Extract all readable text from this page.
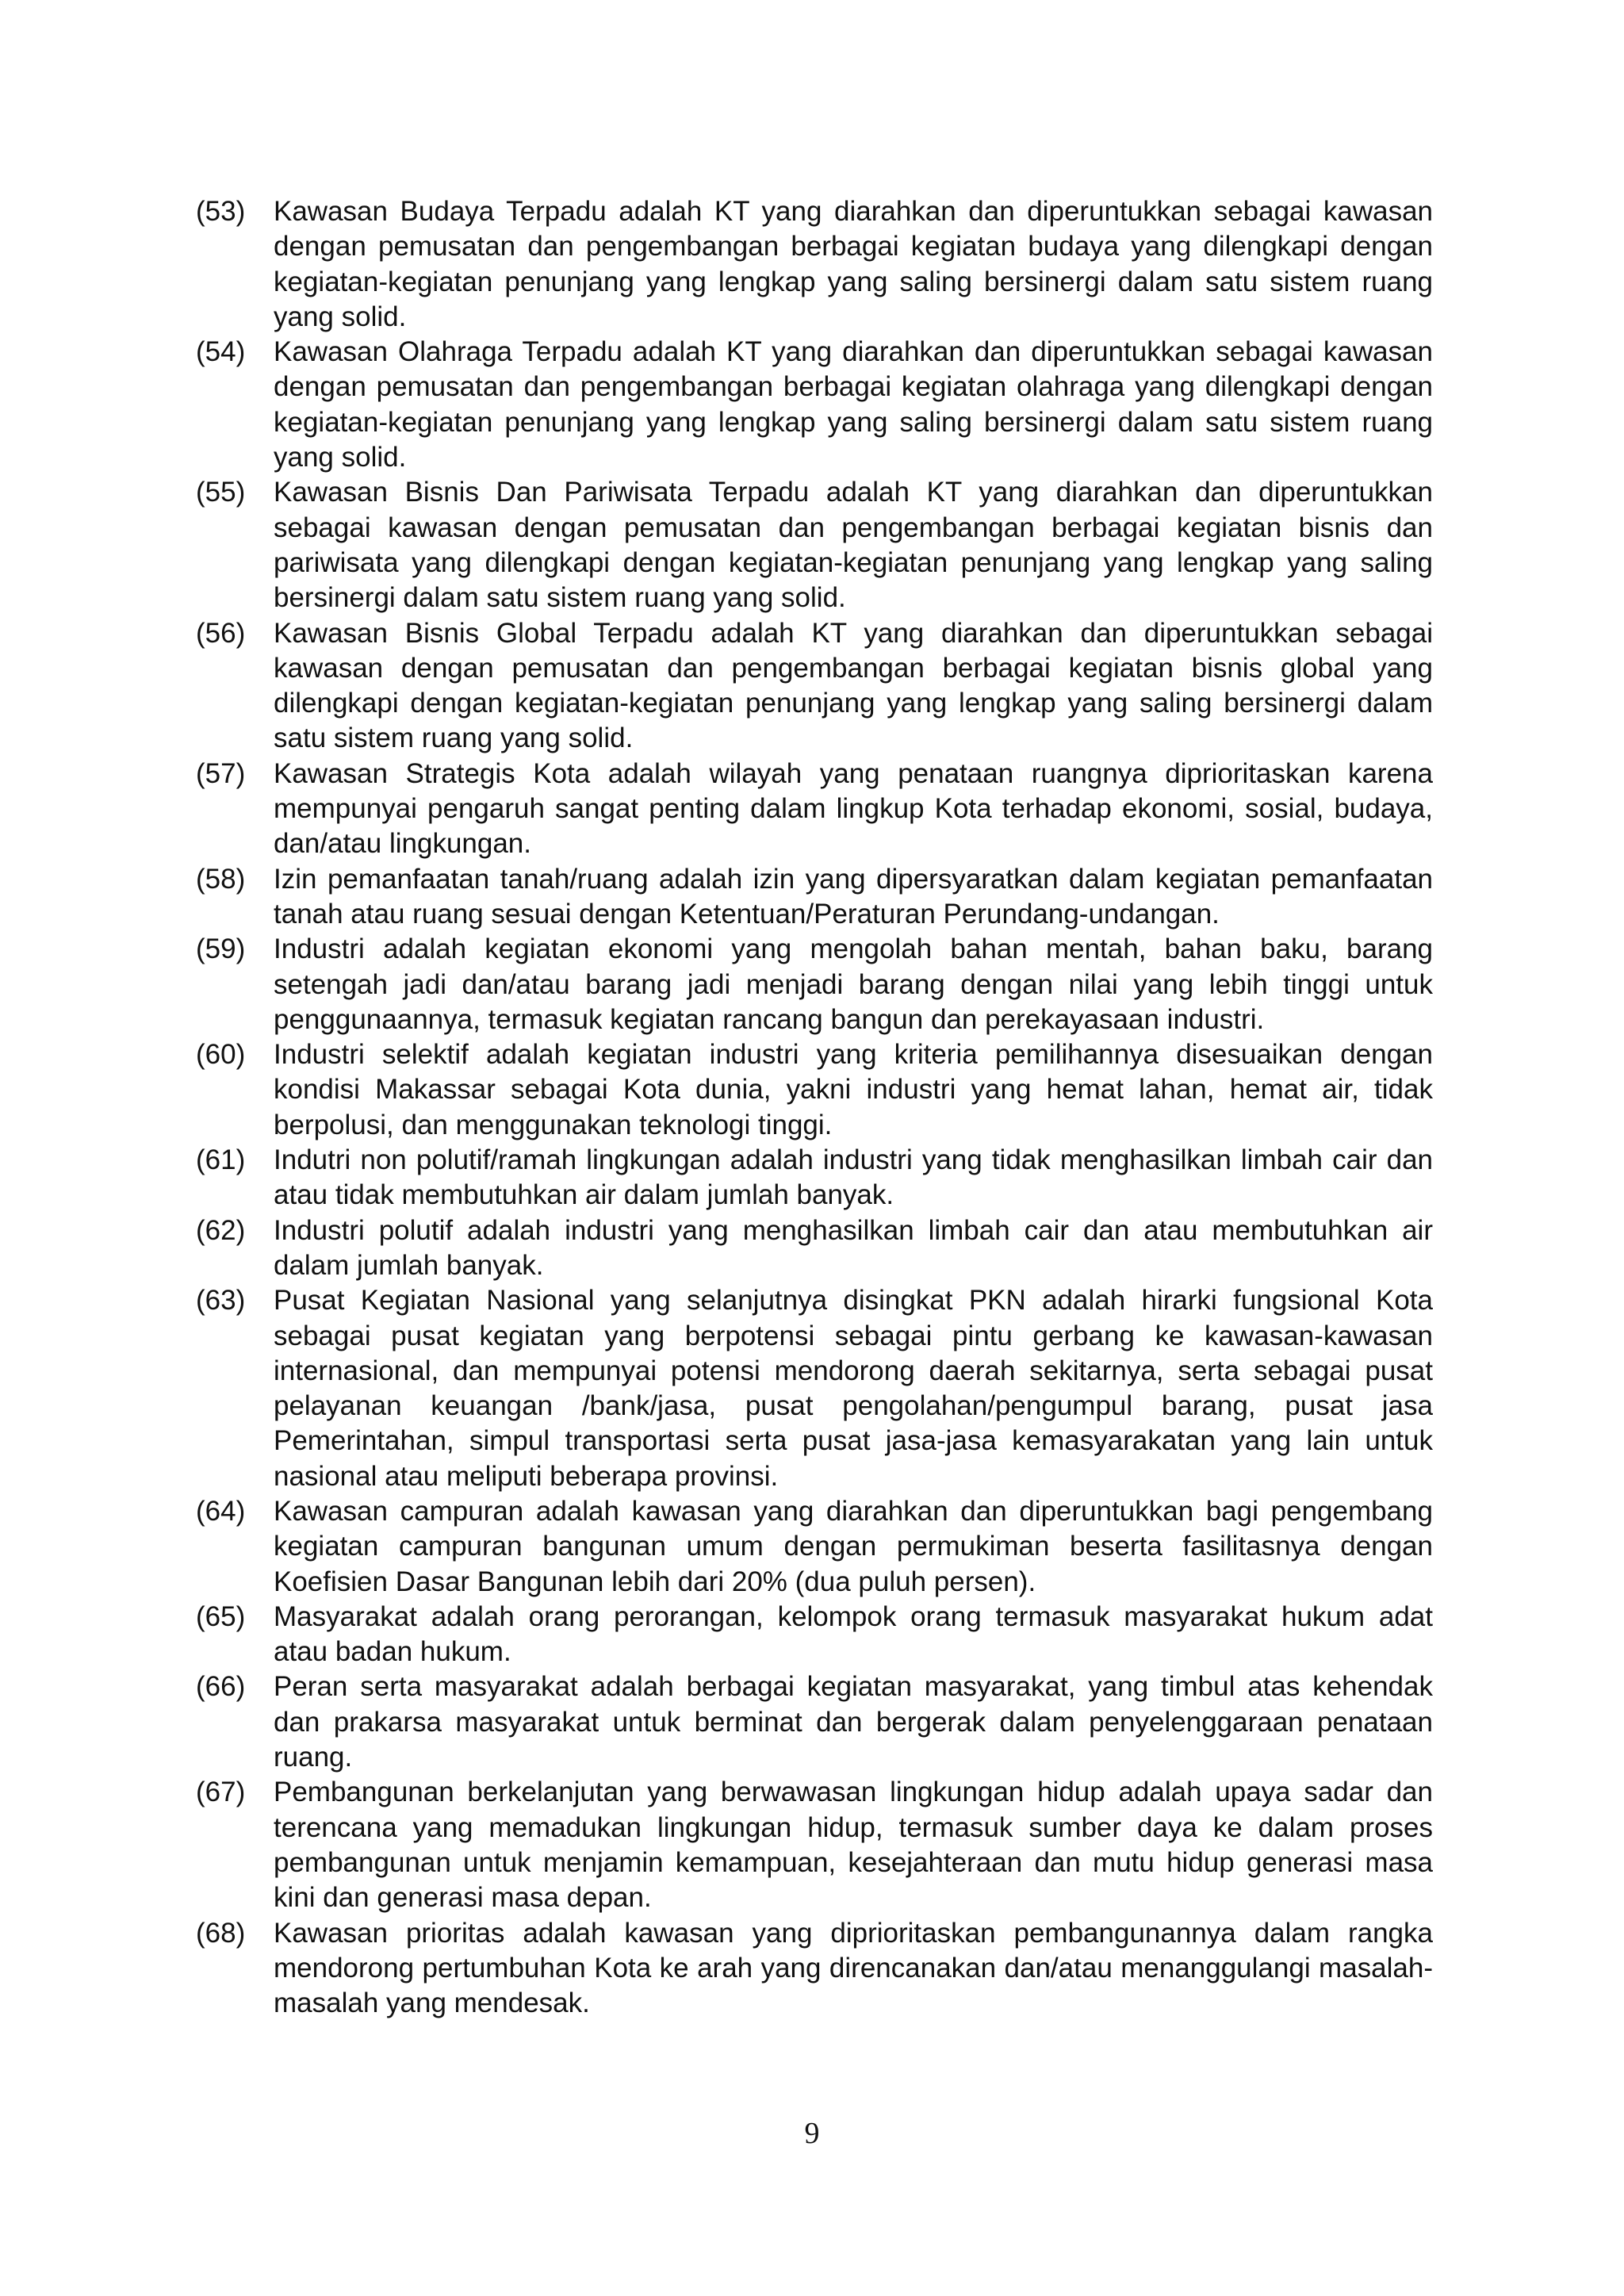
(53)	Kawasan Budaya Terpadu adalah KT yang diarahkan dan diperuntukkan sebagai kawasan dengan pemusatan dan pengembangan berbagai kegiatan budaya yang dilengkapi dengan kegiatan-kegiatan penunjang yang lengkap yang saling bersinergi dalam satu sistem ruang yang solid.
(54)	Kawasan Olahraga Terpadu adalah KT yang diarahkan dan diperuntukkan sebagai kawasan dengan pemusatan dan pengembangan berbagai kegiatan olahraga yang dilengkapi dengan kegiatan-kegiatan penunjang yang lengkap yang saling bersinergi dalam satu sistem ruang yang solid.
(55)	Kawasan Bisnis Dan Pariwisata Terpadu adalah KT yang diarahkan dan diperuntukkan sebagai kawasan dengan pemusatan dan pengembangan berbagai kegiatan bisnis dan pariwisata yang dilengkapi dengan kegiatan-kegiatan penunjang yang lengkap yang saling bersinergi dalam satu sistem ruang yang solid.
(56)	Kawasan Bisnis Global Terpadu adalah KT yang diarahkan dan diperuntukkan sebagai kawasan dengan pemusatan dan pengembangan berbagai kegiatan bisnis global yang dilengkapi dengan kegiatan-kegiatan penunjang yang lengkap yang saling bersinergi dalam satu sistem ruang yang solid.
(57)	Kawasan Strategis Kota adalah wilayah yang penataan ruangnya diprioritaskan karena mempunyai pengaruh sangat penting dalam lingkup Kota terhadap ekonomi, sosial, budaya, dan/atau lingkungan.
(58)	Izin pemanfaatan tanah/ruang adalah izin yang dipersyaratkan dalam kegiatan pemanfaatan tanah atau ruang sesuai dengan Ketentuan/Peraturan Perundang-undangan.
(59)	Industri adalah kegiatan ekonomi yang mengolah bahan mentah, bahan baku, barang setengah jadi dan/atau barang jadi menjadi barang dengan nilai yang lebih tinggi untuk penggunaannya, termasuk kegiatan rancang bangun dan perekayasaan industri.
(60)	Industri selektif adalah kegiatan industri yang kriteria pemilihannya disesuaikan dengan kondisi Makassar sebagai Kota dunia, yakni industri yang hemat lahan, hemat air, tidak berpolusi, dan menggunakan teknologi tinggi.
(61)	Indutri non polutif/ramah lingkungan adalah industri yang tidak menghasilkan limbah cair dan atau tidak membutuhkan air dalam jumlah banyak.
(62)	Industri polutif adalah industri yang menghasilkan limbah cair dan atau membutuhkan air dalam jumlah banyak.
(63)	Pusat Kegiatan Nasional yang selanjutnya disingkat PKN adalah hirarki fungsional Kota sebagai pusat kegiatan yang berpotensi sebagai pintu gerbang ke kawasan-kawasan internasional, dan mempunyai potensi mendorong daerah sekitarnya, serta sebagai pusat pelayanan keuangan /bank/jasa, pusat pengolahan/pengumpul barang, pusat jasa Pemerintahan, simpul transportasi serta pusat jasa-jasa kemasyarakatan yang lain untuk nasional atau meliputi beberapa provinsi.
(64)	Kawasan campuran adalah kawasan yang diarahkan dan diperuntukkan bagi pengembang kegiatan campuran bangunan umum dengan permukiman beserta fasilitasnya dengan Koefisien Dasar Bangunan lebih dari 20% (dua puluh persen).
(65)	Masyarakat adalah orang perorangan, kelompok orang termasuk masyarakat hukum adat atau badan hukum.
(66)	Peran serta masyarakat adalah berbagai kegiatan masyarakat, yang timbul atas kehendak dan prakarsa masyarakat untuk berminat dan bergerak dalam penyelenggaraan penataan ruang.
(67)	Pembangunan berkelanjutan yang berwawasan lingkungan hidup adalah upaya sadar dan terencana yang memadukan lingkungan hidup, termasuk sumber daya ke dalam proses pembangunan untuk menjamin kemampuan, kesejahteraan dan mutu hidup generasi masa kini dan generasi masa depan.
(68)	Kawasan prioritas adalah kawasan yang diprioritaskan pembangunannya dalam rangka mendorong pertumbuhan Kota ke arah yang direncanakan dan/atau menanggulangi masalah-masalah yang mendesak.
9
